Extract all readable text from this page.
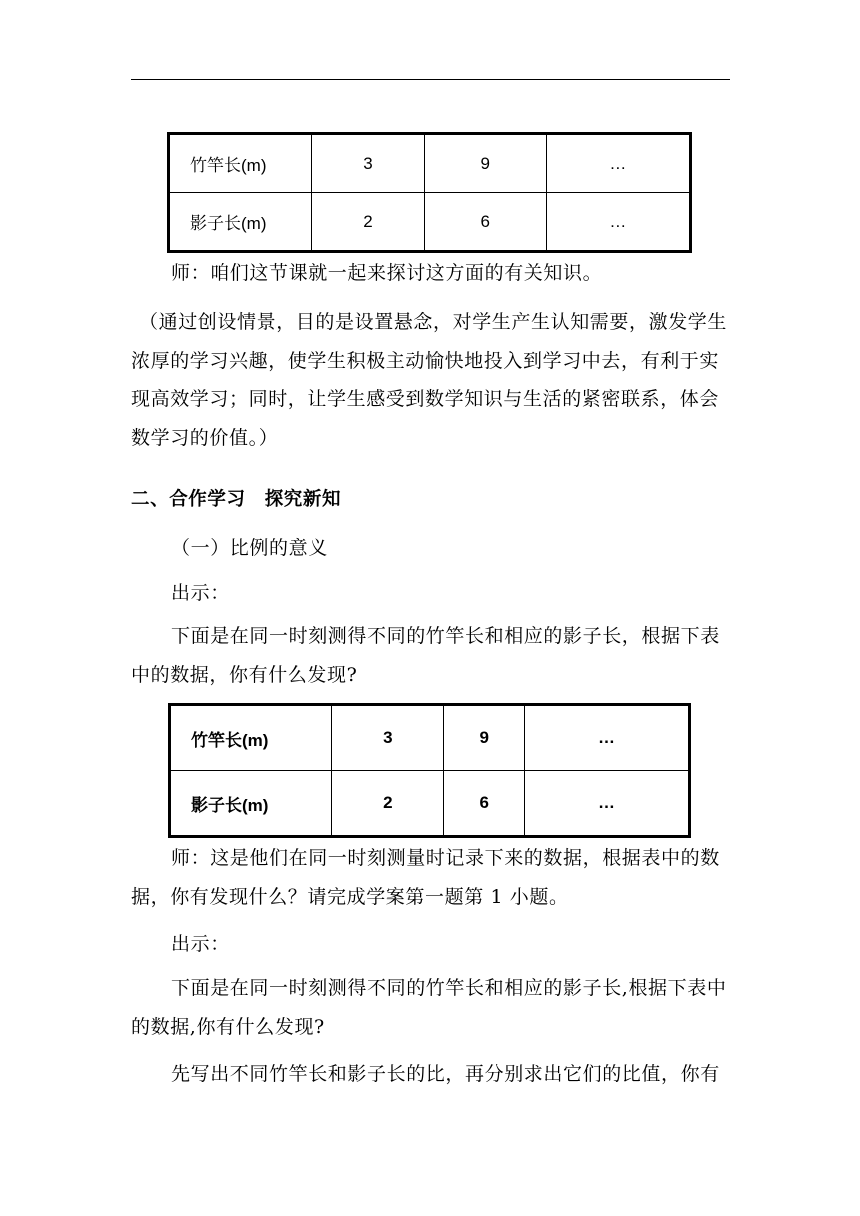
竹竿长(m)	3	9	…
影子长(m)	2	6	…

师：咱们这节课就一起来探讨这方面的有关知识。

（通过创设情景，目的是设置悬念，对学生产生认知需要，激发学生浓厚的学习兴趣，使学生积极主动愉快地投入到学习中去，有利于实现高效学习；同时，让学生感受到数学知识与生活的紧密联系，体会数学习的价值。）

二、合作学习　探究新知

（一）比例的意义

出示：

下面是在同一时刻测得不同的竹竿长和相应的影子长，根据下表中的数据，你有什么发现?

竹竿长(m)	3	9	…
影子长(m)	2	6	…

师：这是他们在同一时刻测量时记录下来的数据，根据表中的数据，你有发现什么？请完成学案第一题第 1 小题。

出示：

下面是在同一时刻测得不同的竹竿长和相应的影子长,根据下表中的数据,你有什么发现?

先写出不同竹竿长和影子长的比，再分别求出它们的比值，你有
